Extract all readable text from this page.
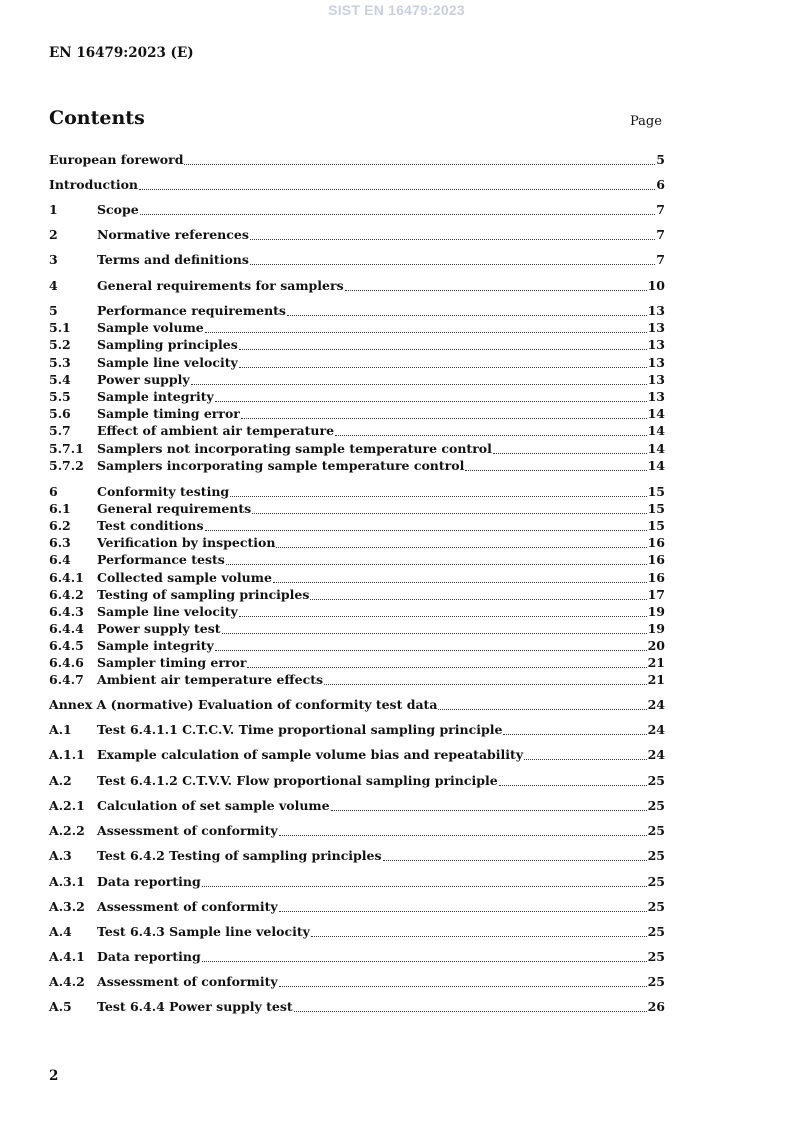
SIST EN 16479:2023
EN 16479:2023 (E)
Contents	Page
European foreword	5
Introduction	6
1	Scope	7
2	Normative references	7
3	Terms and definitions	7
4	General requirements for samplers	10
5	Performance requirements	13
5.1	Sample volume	13
5.2	Sampling principles	13
5.3	Sample line velocity	13
5.4	Power supply	13
5.5	Sample integrity	13
5.6	Sample timing error	14
5.7	Effect of ambient air temperature	14
5.7.1	Samplers not incorporating sample temperature control	14
5.7.2	Samplers incorporating sample temperature control	14
6	Conformity testing	15
6.1	General requirements	15
6.2	Test conditions	15
6.3	Verification by inspection	16
6.4	Performance tests	16
6.4.1	Collected sample volume	16
6.4.2	Testing of sampling principles	17
6.4.3	Sample line velocity	19
6.4.4	Power supply test	19
6.4.5	Sample integrity	20
6.4.6	Sampler timing error	21
6.4.7	Ambient air temperature effects	21
Annex A (normative) Evaluation of conformity test data	24
A.1	Test 6.4.1.1 C.T.C.V. Time proportional sampling principle	24
A.1.1 Example calculation of sample volume bias and repeatability	24
A.2	Test 6.4.1.2 C.T.V.V. Flow proportional sampling principle	25
A.2.1 Calculation of set sample volume	25
A.2.2 Assessment of conformity	25
A.3	Test 6.4.2 Testing of sampling principles	25
A.3.1 Data reporting	25
A.3.2 Assessment of conformity	25
A.4	Test 6.4.3 Sample line velocity	25
A.4.1 Data reporting	25
A.4.2 Assessment of conformity	25
A.5	Test 6.4.4 Power supply test	26
2
